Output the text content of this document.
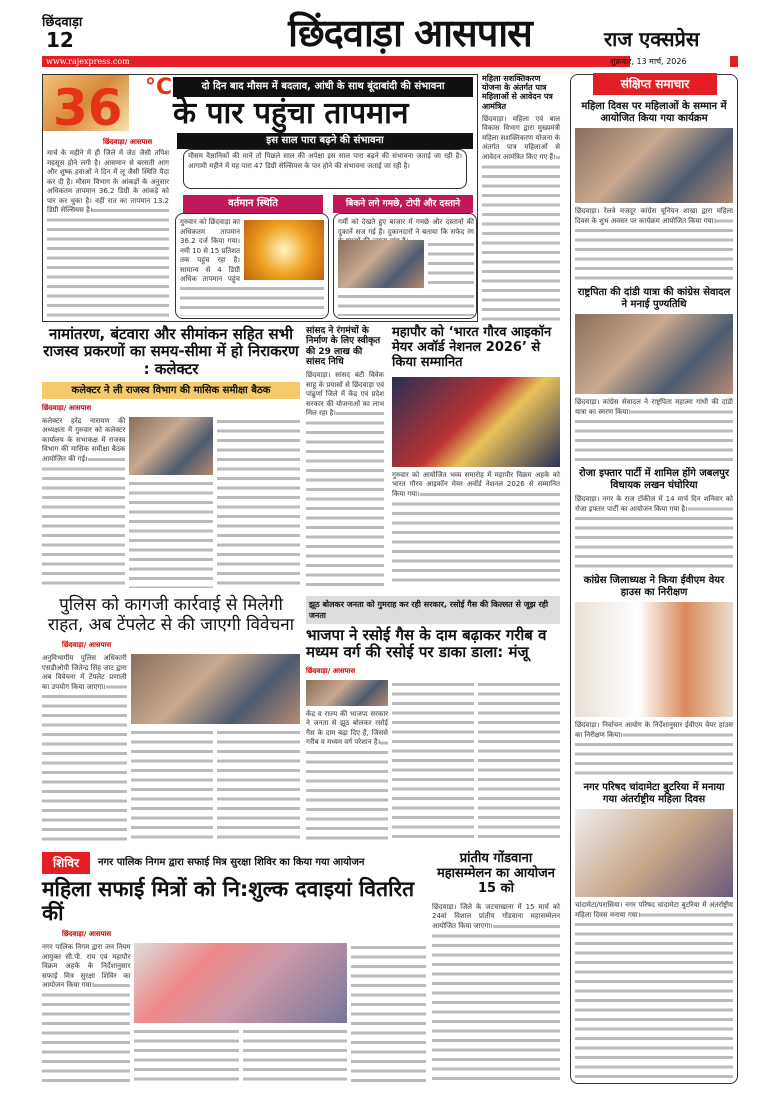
छिंदवाड़ा
12	छिंदवाड़ा आसपास	राज एक्सप्रेस
www.rajexpress.com	शुक्रवार, 13 मार्च, 2026
36 °C	दो दिन बाद मौसम में बदलाव, आंधी के साथ बूंदाबांदी की संभावना
के पार पहुंचा तापमान
छिंदवाड़ा/ आसपास
मार्च के महीने में ही जिले में जेठ जैसी तपिश महसूस होने लगी है। आसमान से बरसती आग और शुष्क हवाओं ने दिन में लू जैसी स्थिति पैदा कर दी है। मौसम विभाग के आंकड़ों के अनुसार अधिकतम तापमान 36.2 डिग्री के आंकड़े को पार कर चुका है। वहीं रात का तापमान 13.2 डिग्री सेल्सियस है।
इस साल पारा बढ़ने की संभावना
मौसम वैज्ञानिकों की मानें तो पिछले साल की अपेक्षा इस साल पारा बढ़ने की संभावना जताई जा रही है। आगामी महीने में यह पारा 47 डिग्री सेल्सियस के पार होने की संभावना जताई जा रही है।
वर्तमान स्थिति
गुरुवार को छिंदवाड़ा का अधिकतम तापमान 36.2 दर्ज किया गया। नमी 10 से 15 प्रतिशत तक पहुंच रहा है। सामान्य से 4 डिग्री अधिक तापमान पहुंच
बिकने लगे गमछे, टोपी और दस्ताने
गर्मी को देखते हुए बाजार में गमछे और दस्तानों की दुकानें सज गई हैं। दुकानदारों ने बताया कि सफेद रंग
महिला सशक्तिकरण योजना के अंतर्गत पात्र महिलाओं से आवेदन पत्र आमंत्रित
छिंदवाड़ा। महिला एवं बाल विकास विभाग द्वारा मुख्यमंत्री महिला सशक्तिकरण योजना के अंतर्गत पात्र महिलाओं से आवेदन आमंत्रित किए गए हैं।
संक्षिप्त समाचार
महिला दिवस पर महिलाओं के सम्मान में आयोजित किया गया कार्यक्रम
छिंदवाड़ा। रेलवे मजदूर कांग्रेस यूनियन शाखा द्वारा महिला दिवस के शुभ अवसर पर कार्यक्रम आयोजित किया गया।
राष्ट्रपिता की दांडी यात्रा की कांग्रेस सेवादल ने मनाई पुण्यतिथि
छिंदवाड़ा। कांग्रेस सेवादल ने राष्ट्रपिता महात्मा गांधी की दांडी यात्रा का स्मरण किया।
रोजा इफ्तार पार्टी में शामिल होंगे जबलपुर विधायक लखन घंघोरिया
छिंदवाड़ा। नगर के राज टॉकीज में 14 मार्च दिन शनिवार को रोजा इफ्तार पार्टी का आयोजन किया गया है।
कांग्रेस जिलाध्यक्ष ने किया ईवीएम वेयर हाउस का निरीक्षण
छिंदवाड़ा। निर्वाचन आयोग के निर्देशानुसार ईवीएम वेयर हाउस का निरीक्षण किया।
नगर परिषद चांदामेटा बुटरिया में मनाया गया अंतर्राष्ट्रीय महिला दिवस
चांदामेटा/परासिया। नगर परिषद चांदामेटा बुटरिया में अंतर्राष्ट्रीय महिला दिवस मनाया गया।
नामांतरण, बंटवारा और सीमांकन सहित सभी राजस्व प्रकरणों का समय-सीमा में हो निराकरण : कलेक्टर
कलेक्टर ने ली राजस्व विभाग की मासिक समीक्षा बैठक
छिंदवाड़ा/ आसपास
कलेक्टर हरेंद्र नारायण की अध्यक्षता में गुरुवार को कलेक्टर कार्यालय के सभाकक्ष में राजस्व विभाग की मासिक समीक्षा बैठक आयोजित की गई।
सांसद ने रंगमंचों के निर्माण के लिए स्वीकृत की 29 लाख की सांसद निधि
छिंदवाड़ा। सांसद बंटी विवेक साहू के प्रयासों से छिंदवाड़ा एवं पांढुर्णा जिले में केंद्र एवं प्रदेश सरकार की योजनाओं का लाभ मिल रहा है।
महापौर को ‘भारत गौरव आइकॉन मेयर अवॉर्ड नेशनल 2026’ से किया सम्मानित
गुरुवार को आयोजित भव्य समारोह में महापौर विक्रम अहके को भारत गौरव आइकॉन मेयर अवॉर्ड नेशनल 2026 से सम्मानित किया गया।
पुलिस को कागजी कार्रवाई से मिलेगी राहत, अब टेंपलेट से की जाएगी विवेचना
छिंदवाड़ा/ आसपास
अनुविभागीय पुलिस अधिकारी एसडीओपी जितेन्द्र सिंह जाट द्वारा अब विवेचना में टेंपलेट प्रणाली का उपयोग किया जाएगा।
झूठ बोलकर जनता को गुमराह कर रही सरकार, रसोई गैस की किल्लत से जूझ रही जनता
भाजपा ने रसोई गैस के दाम बढ़ाकर गरीब व मध्यम वर्ग की रसोई पर डाका डाला: मंजू
छिंदवाड़ा/ आसपास
केंद्र व राज्य की भाजपा सरकार ने जनता से झूठ बोलकर रसोई गैस के दाम बढ़ा दिए हैं, जिससे गरीब व मध्यम वर्ग परेशान है।
शिविर	नगर पालिक निगम द्वारा सफाई मित्र सुरक्षा शिविर का किया गया आयोजन
महिला सफाई मित्रों को नि:शुल्क दवाइयां वितरित कीं
छिंदवाड़ा/ आसपास
नगर पालिक निगम द्वारा जन नियम आयुक्त सी.पी. राय एवं महापौर विक्रम अहके के निर्देशानुसार सफाई मित्र सुरक्षा शिविर का आयोजन किया गया।
प्रांतीय गोंडवाना महासम्मेलन का आयोजन 15 को
छिंदवाड़ा। जिले के जटचाखाना में 15 मार्च को 24वां विशाल प्रांतीय गोंडवाना महासम्मेलन आयोजित किया जाएगा।
